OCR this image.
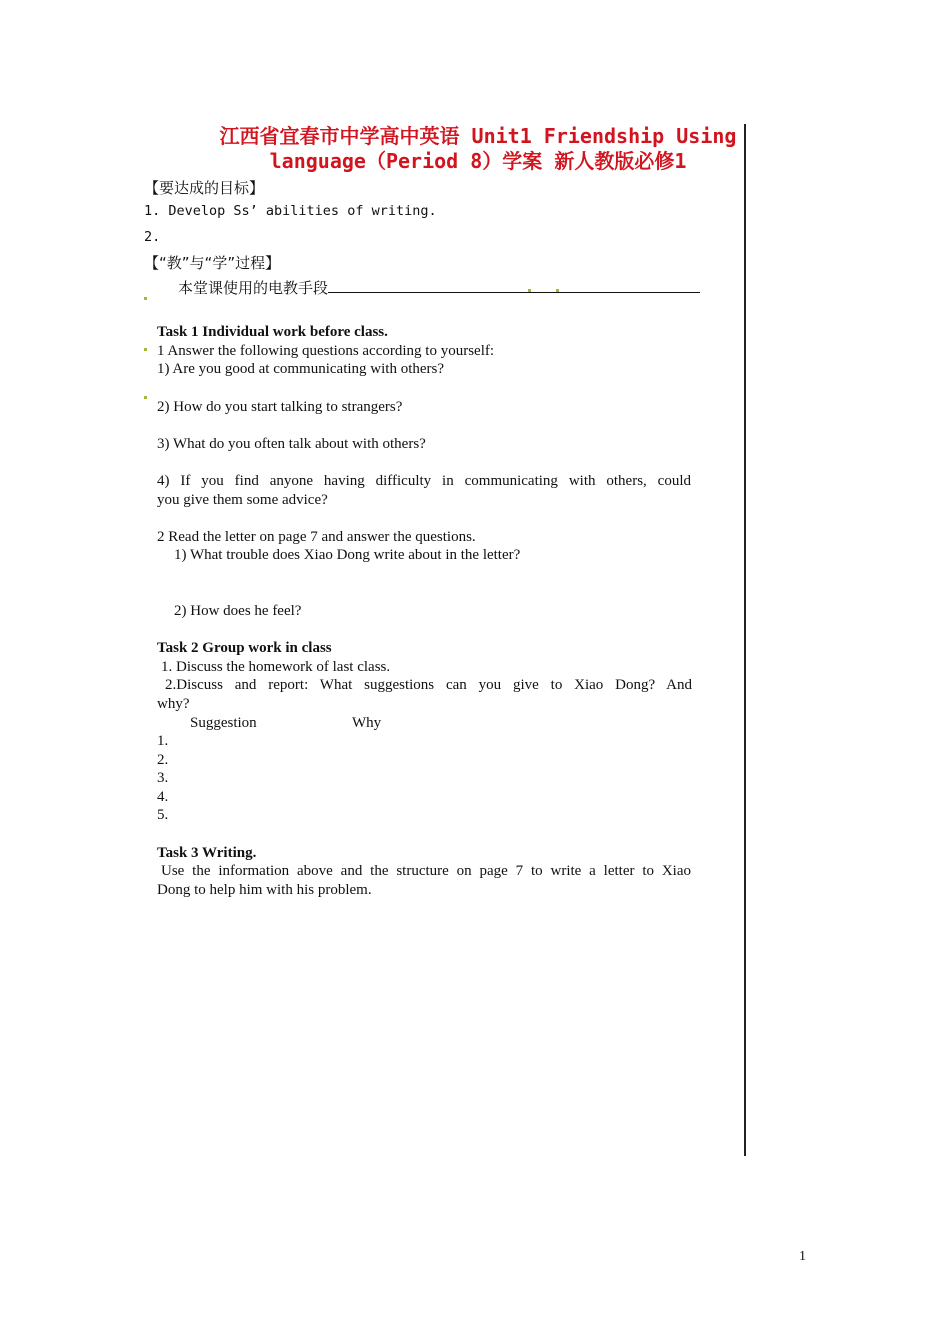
江西省宜春市中学高中英语 Unit1 Friendship Using
language（Period 8）学案 新人教版必修1
【要达成的目标】
1. Develop Ss’ abilities of writing.
2.
【“教”与“学”过程】
本堂课使用的电教手段
Task 1 Individual work before class.
1 Answer the following questions according to yourself:
1) Are you good at communicating with others?
2) How do you start talking to strangers?
3) What do you often talk about with others?
4) If you find anyone having difficulty in communicating with others, could
you give them some advice?
2 Read the letter on page 7 and answer the questions.
1) What trouble does Xiao Dong write about in the letter?
2) How does he feel?
Task 2 Group work in class
1. Discuss the homework of last class.
2.Discuss and report: What suggestions can you give to Xiao Dong? And
why?
Suggestion	Why
1.
2.
3.
4.
5.
Task 3 Writing.
Use the information above and the structure on page 7 to write a letter to Xiao
Dong to help him with his problem.
1
